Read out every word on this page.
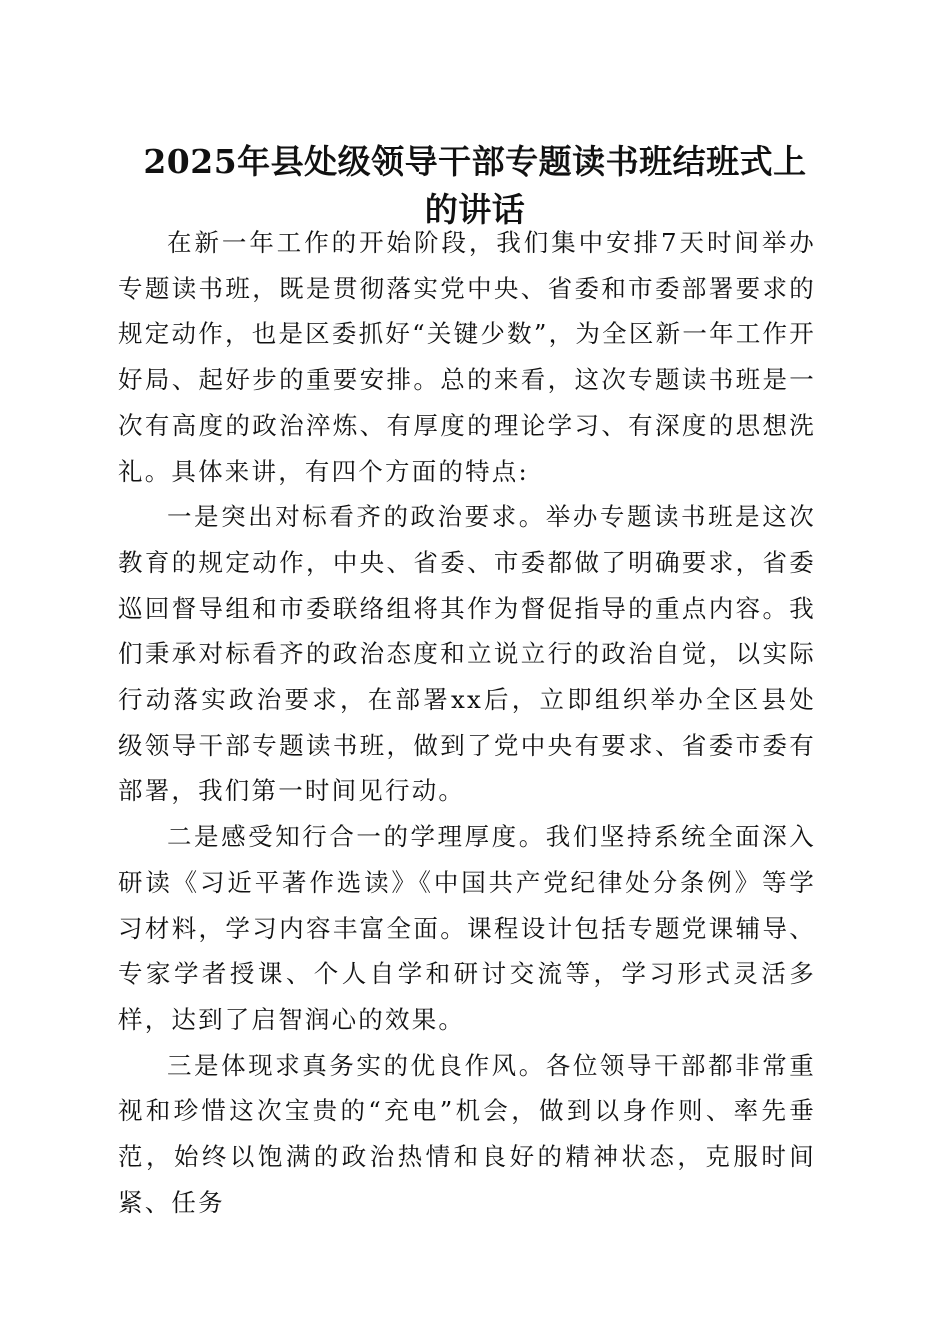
2025年县处级领导干部专题读书班结班式上
的讲话

在新一年工作的开始阶段，我们集中安排7天时间举办专题读书班，既是贯彻落实党中央、省委和市委部署要求的规定动作，也是区委抓好“关键少数”，为全区新一年工作开好局、起好步的重要安排。总的来看，这次专题读书班是一次有高度的政治淬炼、有厚度的理论学习、有深度的思想洗礼。具体来讲，有四个方面的特点:

一是突出对标看齐的政治要求。举办专题读书班是这次教育的规定动作，中央、省委、市委都做了明确要求，省委巡回督导组和市委联络组将其作为督促指导的重点内容。我们秉承对标看齐的政治态度和立说立行的政治自觉，以实际行动落实政治要求，在部署xx后，立即组织举办全区县处级领导干部专题读书班，做到了党中央有要求、省委市委有部署，我们第一时间见行动。

二是感受知行合一的学理厚度。我们坚持系统全面深入研读《习近平著作选读》《中国共产党纪律处分条例》等学习材料，学习内容丰富全面。课程设计包括专题党课辅导、专家学者授课、个人自学和研讨交流等，学习形式灵活多样，达到了启智润心的效果。

三是体现求真务实的优良作风。各位领导干部都非常重视和珍惜这次宝贵的“充电”机会，做到以身作则、率先垂范，始终以饱满的政治热情和良好的精神状态，克服时间紧、任务
